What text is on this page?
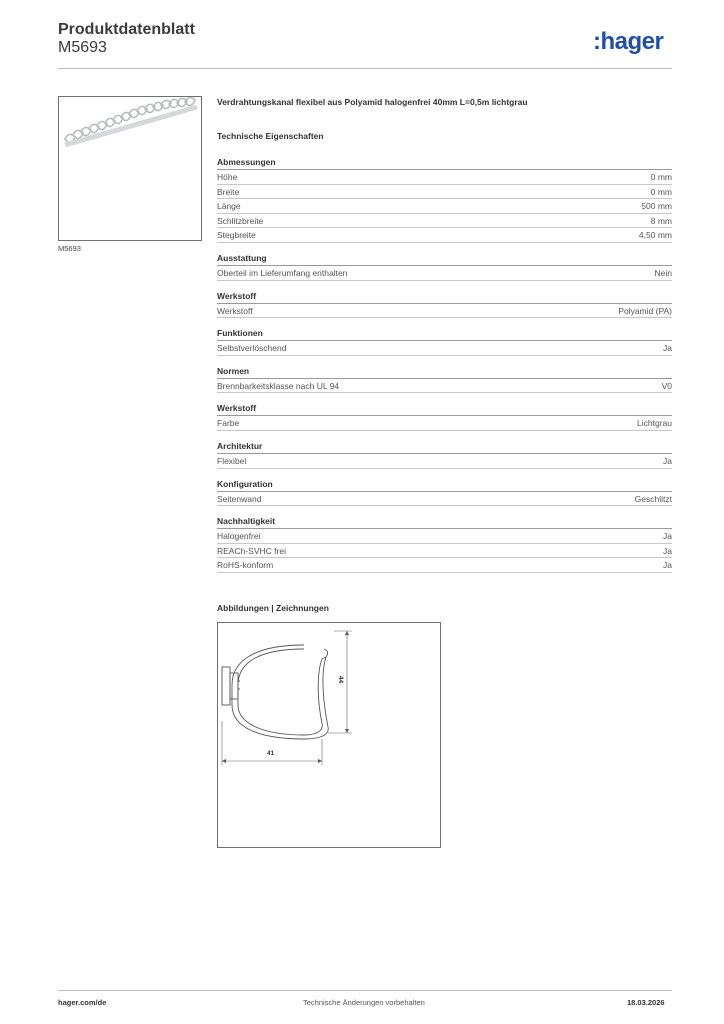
Produktdatenblatt
M5693	:hager
M5693
Verdrahtungskanal flexibel aus Polyamid halogenfrei 40mm L=0,5m lichtgrau
Technische Eigenschaften
Abmessungen
Höhe	0 mm
Breite	0 mm
Länge	500 mm
Schlitzbreite	8 mm
Stegbreite	4,50 mm
Ausstattung
Oberteil im Lieferumfang enthalten	Nein
Werkstoff
Werkstoff	Polyamid (PA)
Funktionen
Selbstverlöschend	Ja
Normen
Brennbarkeitsklasse nach UL 94	V0
Werkstoff
Farbe	Lichtgrau
Architektur
Flexibel	Ja
Konfiguration
Seitenwand	Geschlitzt
Nachhaltigkeit
Halogenfrei	Ja
REACh-SVHC frei	Ja
RoHS-konform	Ja
Abbildungen | Zeichnungen
44
41
hager.com/de	Technische Änderungen vorbehalten	18.03.2026
